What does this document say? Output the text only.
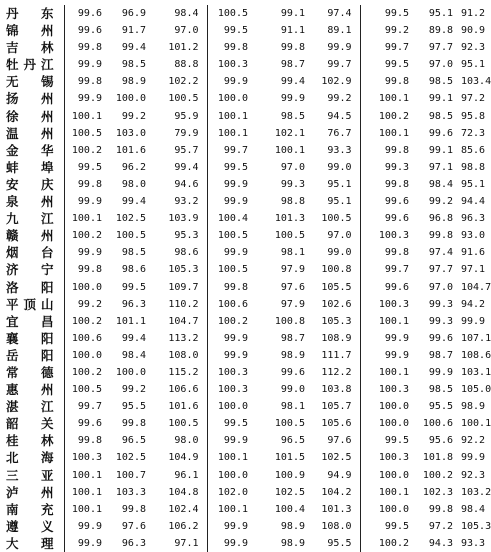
丹　东	99.6	96.9	98.4	100.5	99.1	97.4	99.5	95.1	91.2
锦　州	99.6	91.7	97.0	99.5	91.1	89.1	99.2	89.8	90.9
吉　林	99.8	99.4	101.2	99.8	99.8	99.9	99.7	97.7	92.3
牡丹江	99.9	98.5	88.8	100.3	98.7	99.7	99.5	97.0	95.1
无　锡	99.8	98.9	102.2	99.9	99.4	102.9	99.8	98.5	103.4
扬　州	99.9	100.0	100.5	100.0	99.9	99.2	100.1	99.1	97.2
徐　州	100.1	99.2	95.9	100.1	98.5	94.5	100.2	98.5	95.8
温　州	100.5	103.0	79.9	100.1	102.1	76.7	100.1	99.6	72.3
金　华	100.2	101.6	95.7	99.7	100.1	93.3	99.8	99.1	85.6
蚌　埠	99.5	96.2	99.4	99.5	97.0	99.0	99.3	97.1	98.8
安　庆	99.8	98.0	94.6	99.9	99.3	95.1	99.8	98.4	95.1
泉　州	99.9	99.4	93.2	99.9	98.8	95.1	99.6	99.2	94.4
九　江	100.1	102.5	103.9	100.4	101.3	100.5	99.6	96.8	96.3
赣　州	100.2	100.5	95.3	100.5	100.5	97.0	100.3	99.8	93.0
烟　台	99.9	98.5	98.6	99.9	98.1	99.0	99.8	97.4	91.6
济　宁	99.8	98.6	105.3	100.5	97.9	100.8	99.7	97.7	97.1
洛　阳	100.0	99.5	109.7	99.8	97.6	105.5	99.6	97.0	104.7
平顶山	99.2	96.3	110.2	100.6	97.9	102.6	100.3	99.3	94.2
宜　昌	100.2	101.1	104.7	100.2	100.8	105.3	100.1	99.3	99.9
襄　阳	100.6	99.4	113.2	99.9	98.7	108.9	99.9	99.6	107.1
岳　阳	100.0	98.4	108.0	99.9	98.9	111.7	99.9	98.7	108.6
常　德	100.2	100.0	115.2	100.3	99.6	112.2	100.1	99.9	103.1
惠　州	100.5	99.2	106.6	100.3	99.0	103.8	100.3	98.5	105.0
湛　江	99.7	95.5	101.6	100.0	98.1	105.7	100.0	95.5	98.9
韶　关	99.6	99.8	100.5	99.5	100.5	105.6	100.0	100.6	100.1
桂　林	99.8	96.5	98.0	99.9	96.5	97.6	99.5	95.6	92.2
北　海	100.3	102.5	104.9	100.1	101.5	102.5	100.3	101.8	99.9
三　亚	100.1	100.7	96.1	100.0	100.9	94.9	100.0	100.2	92.3
泸　州	100.1	103.3	104.8	102.0	102.5	104.2	100.1	102.3	103.2
南　充	100.1	99.8	102.4	100.1	100.4	101.3	100.0	99.8	98.4
遵　义	99.9	97.6	106.2	99.9	98.9	108.0	99.5	97.2	105.3
大　理	99.9	96.3	97.1	99.9	98.9	95.5	100.2	94.3	93.3
